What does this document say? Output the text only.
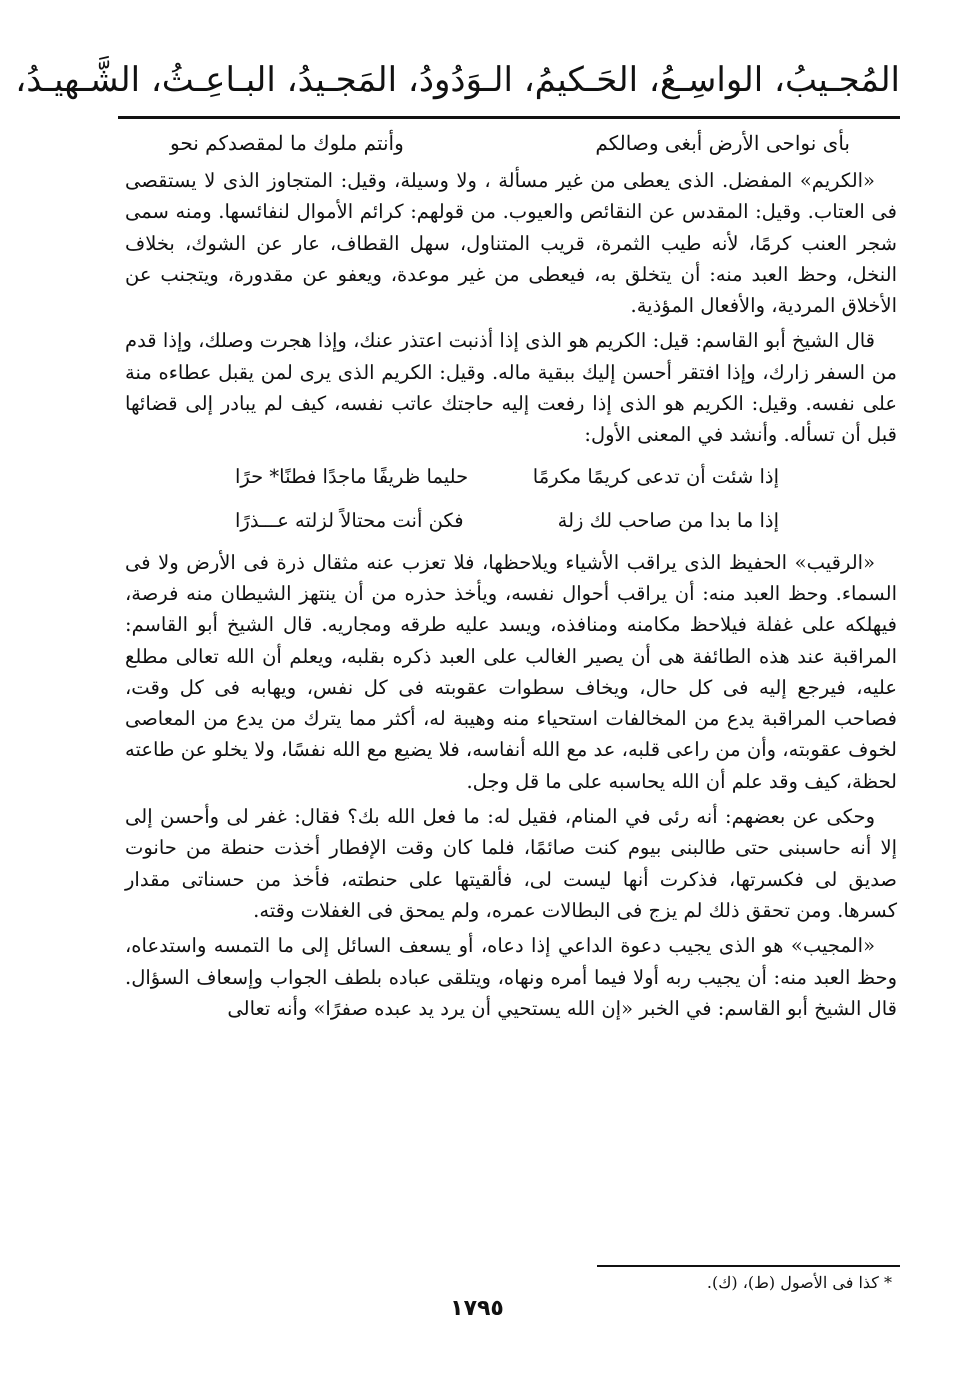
المُجـيبُ، الواسِـعُ، الحَـكيمُ، الـوَدُودُ، المَجـيدُ، البـاعِـثُ، الشَّـهيـدُ،
بأى نواحى الأرض أبغى وصالكم
وأنتم ملوك ما لمقصدكم نحو

«الكريم» المفضل. الذى يعطى من غير مسألة ، ولا وسيلة، وقيل: المتجاوز الذى لا يستقصى فى العتاب. وقيل: المقدس عن النقائص والعيوب. من قولهم: كرائم الأموال لنفائسها. ومنه سمى شجر العنب كرمًا، لأنه طيب الثمرة، قريب المتناول، سهل القطاف، عار عن الشوك، بخلاف النخل، وحظ العبد منه: أن يتخلق به، فيعطى من غير موعدة، ويعفو عن مقدورة، ويتجنب عن الأخلاق المردية، والأفعال المؤذية.

قال الشيخ أبو القاسم: قيل: الكريم هو الذى إذا أذنبت اعتذر عنك، وإذا هجرت وصلك، وإذا قدم من السفر زارك، وإذا افتقر أحسن إليك ببقية ماله. وقيل: الكريم الذى يرى لمن يقبل عطاءه منة على نفسه. وقيل: الكريم هو الذى إذا رفعت إليه حاجتك عاتب نفسه، كيف لم يبادر إلى قضائها قبل أن تسأله. وأنشد في المعنى الأول:

إذا شئت أن تدعى كريمًا مكرمًا
حليما ظريفًا ماجدًا فطنًا* حرًا
إذا ما بدا من صاحب لك زلة
فكن أنت محتالاً لزلته عـــذرًا

«الرقيب» الحفيظ الذى يراقب الأشياء ويلاحظها، فلا تعزب عنه مثقال ذرة فى الأرض ولا فى السماء. وحظ العبد منه: أن يراقب أحوال نفسه، ويأخذ حذره من أن ينتهز الشيطان منه فرصة، فيهلكه على غفلة فيلاحظ مكامنه ومنافذه، ويسد عليه طرقه ومجاريه. قال الشيخ أبو القاسم: المراقبة عند هذه الطائفة هى أن يصير الغالب على العبد ذكره بقلبه، ويعلم أن الله تعالى مطلع عليه، فيرجع إليه فى كل حال، ويخاف سطوات عقوبته فى كل نفس، ويهابه فى كل وقت، فصاحب المراقبة يدع من المخالفات استحياء منه وهيبة له، أكثر مما يترك من يدع من المعاصى لخوف عقوبته، وأن من راعى قلبه، عد مع الله أنفاسه، فلا يضيع مع الله نفسًا، ولا يخلو عن طاعته لحظة، كيف وقد علم أن الله يحاسبه على ما قل وجل.

وحكى عن بعضهم: أنه رئى في المنام، فقيل له: ما فعل الله بك؟ فقال: غفر لى وأحسن إلى إلا أنه حاسبنى حتى طالبنى بيوم كنت صائمًا، فلما كان وقت الإفطار أخذت حنطة من حانوت صديق لى فكسرتها، فذكرت أنها ليست لى، فألقيتها على حنطته، فأخذ من حسناتى مقدار كسرها. ومن تحقق ذلك لم يزج فى البطالات عمره، ولم يمحق فى الغفلات وقته.

«المجيب» هو الذى يجيب دعوة الداعي إذا دعاه، أو يسعف السائل إلى ما التمسه واستدعاه، وحظ العبد منه: أن يجيب ربه أولا فيما أمره ونهاه، ويتلقى عباده بلطف الجواب وإسعاف السؤال. قال الشيخ أبو القاسم: في الخبر «إن الله يستحيي أن يرد يد عبده صفرًا» وأنه تعالى

* كذا فى الأصول (ط)، (ك).
١٧٩٥
